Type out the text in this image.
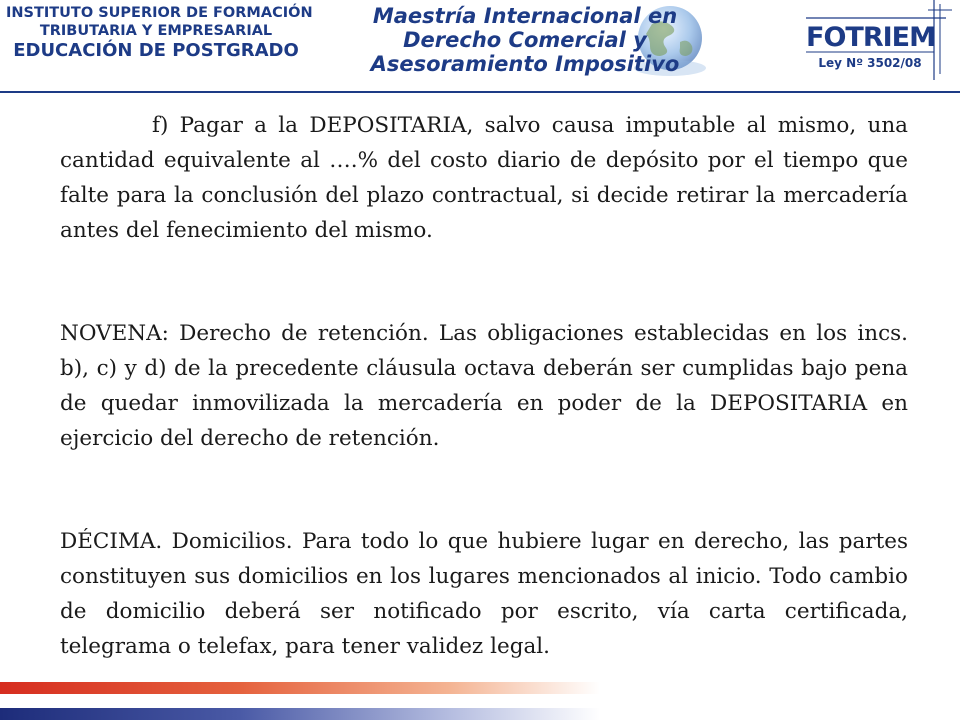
INSTITUTO SUPERIOR DE FORMACIÓN
TRIBUTARIA Y EMPRESARIAL
EDUCACIÓN DE POSTGRADO
Maestría Internacional en
Derecho Comercial y
Asesoramiento Impositivo
FOTRIEM
Ley Nº 3502/08

f) Pagar a la DEPOSITARIA, salvo causa imputable al mismo, una cantidad equivalente al ….% del costo diario de depósito por el tiempo que falte para la conclusión del plazo contractual, si decide retirar la mercadería antes del fenecimiento del mismo.

NOVENA: Derecho de retención. Las obligaciones establecidas en los incs. b), c) y d) de la precedente cláusula octava deberán ser cumplidas bajo pena de quedar inmovilizada la mercadería en poder de la DEPOSITARIA en ejercicio del derecho de retención.

DÉCIMA. Domicilios. Para todo lo que hubiere lugar en derecho, las partes constituyen sus domicilios en los lugares mencionados al inicio. Todo cambio de domicilio deberá ser notificado por escrito, vía carta certificada, telegrama o telefax, para tener validez legal.
